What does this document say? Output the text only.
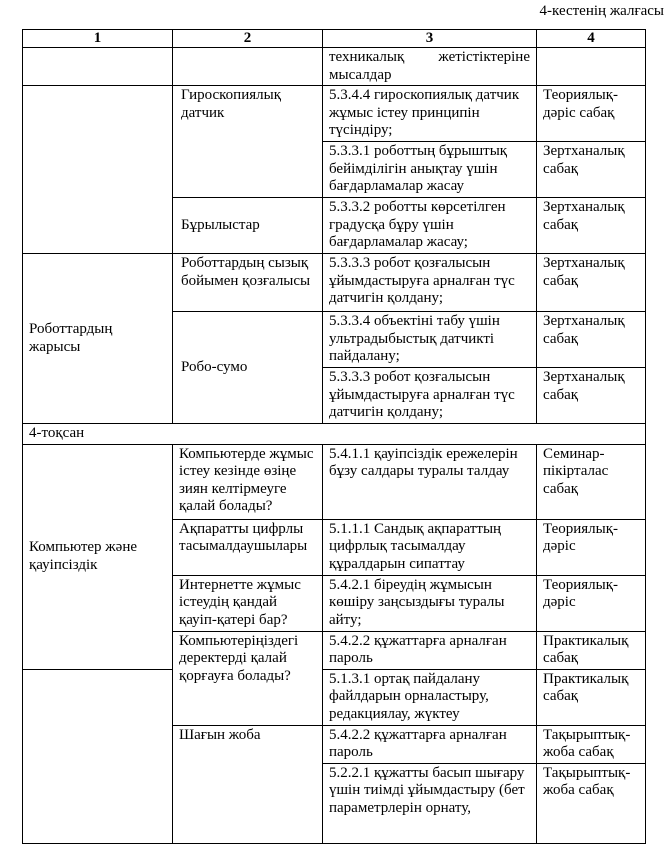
4-кестенің жалғасы
1	2	3	4
		техникалық жетістіктеріне мысалдар	
	Гироскопиялық датчик	5.3.4.4 гироскопиялық датчик жұмыс істеу принципін түсіндіру;	Теориялық-дәріс сабақ
		5.3.3.1 роботтың бұрыштық бейімділігін анықтау үшін бағдарламалар жасау	Зертханалық сабақ
	Бұрылыстар	5.3.3.2 роботты көрсетілген градусқа бұру үшін бағдарламалар жасау;	Зертханалық сабақ
Роботтардың жарысы	Роботтардың сызық бойымен қозғалысы	5.3.3.3 робот қозғалысын ұйымдастыруға арналған түс датчигін қолдану;	Зертханалық сабақ
	Робо-сумо	5.3.3.4 объектіні табу үшін ультрадыбыстық датчикті пайдалану;	Зертханалық сабақ
		5.3.3.3 робот қозғалысын ұйымдастыруға арналған түс датчигін қолдану;	Зертханалық сабақ
4-тоқсан			
Компьютер және қауіпсіздік	Компьютерде жұмыс істеу кезінде өзіңе зиян келтірмеуге қалай болады?	5.4.1.1 қауіпсіздік ережелерін бұзу салдары туралы талдау	Семинар-пікірталас сабақ
	Ақпаратты цифрлы тасымалдаушылары	5.1.1.1 Сандық ақпараттың цифрлық тасымалдау құралдарын сипаттау	Теориялық-дәріс
	Интернетте жұмыс істеудің қандай қауіп-қатері бар?	5.4.2.1 біреудің жұмысын көшіру заңсыздығы туралы айту;	Теориялық-дәріс
	Компьютеріңіздегі деректерді қалай қорғауға болады?	5.4.2.2 құжаттарға арналған пароль	Практикалық сабақ
		5.1.3.1 ортақ пайдалану файлдарын орналастыру, редакциялау, жүктеу	Практикалық сабақ
	Шағын жоба	5.4.2.2 құжаттарға арналған пароль	Тақырыптық-жоба сабақ
		5.2.2.1 құжатты басып шығару үшін тиімді ұйымдастыру (бет параметрлерін орнату,	Тақырыптық-жоба сабақ
